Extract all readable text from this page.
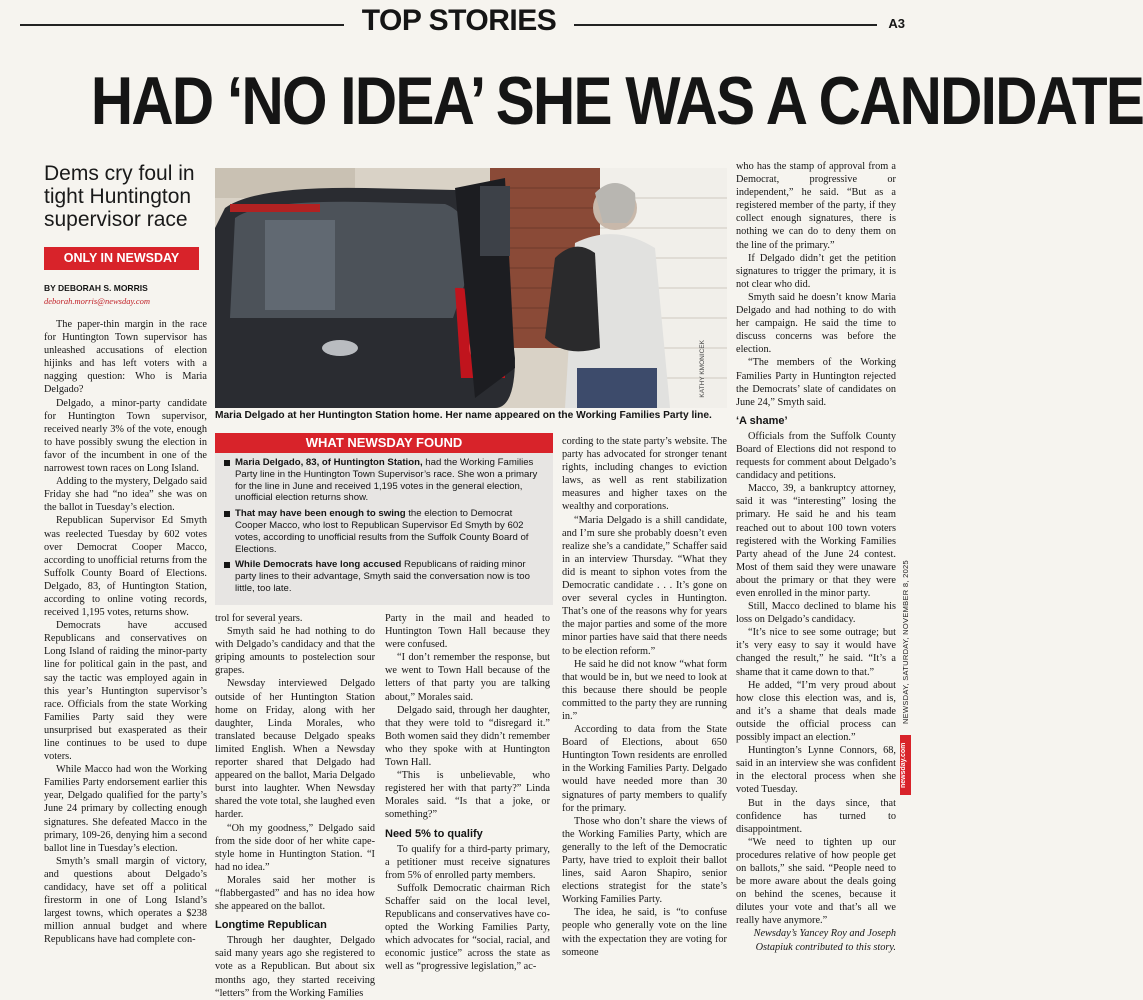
TOP STORIES	A3
HAD ‘NO IDEA’ SHE WAS A CANDIDATE
Dems cry foul in tight Huntington supervisor race
ONLY IN NEWSDAY
BY DEBORAH S. MORRIS
deborah.morris@newsday.com
KATHY KMONICEK
Maria Delgado at her Huntington Station home. Her name appeared on the Working Families Party line.
WHAT NEWSDAY FOUND
Maria Delgado, 83, of Huntington Station, had the Working Families Party line in the Huntington Town Supervisor’s race. She won a primary for the line in June and received 1,195 votes in the general election, unofficial election returns show.
That may have been enough to swing the election to Democrat Cooper Macco, who lost to Republican Supervisor Ed Smyth by 602 votes, according to unofficial results from the Suffolk County Board of Elections.
While Democrats have long accused Republicans of raiding minor party lines to their advantage, Smyth said the conversation now is too little, too late.

The paper-thin margin in the race for Huntington Town supervisor has unleashed accusations of election hijinks and has left voters with a nagging question: Who is Maria Delgado?

Delgado, a minor-party candidate for Huntington Town supervisor, received nearly 3% of the vote, enough to have possibly swung the election in favor of the incumbent in one of the narrowest town races on Long Island.

Adding to the mystery, Delgado said Friday she had “no idea” she was on the ballot in Tuesday’s election.

Republican Supervisor Ed Smyth was reelected Tuesday by 602 votes over Democrat Cooper Macco, according to unofficial returns from the Suffolk County Board of Elections. Delgado, 83, of Huntington Station, according to online voting records, received 1,195 votes, returns show.

Democrats have accused Republicans and conservatives on Long Island of raiding the minor-party line for political gain in the past, and say the tactic was employed again in this year’s Huntington supervisor’s race. Officials from the state Working Families Party said they were unsurprised but exasperated as their line continues to be used to dupe voters.

While Macco had won the Working Families Party endorsement earlier this year, Delgado qualified for the party’s June 24 primary by collecting enough signatures. She defeated Macco in the primary, 109-26, denying him a second ballot line in Tuesday’s election.

Smyth’s small margin of victory, and questions about Delgado’s candidacy, have set off a political firestorm in one of Long Island’s largest towns, which operates a $238 million annual budget and where Republicans have had complete con-

trol for several years.

Smyth said he had nothing to do with Delgado’s candidacy and that the griping amounts to postelection sour grapes.

Newsday interviewed Delgado outside of her Huntington Station home on Friday, along with her daughter, Linda Morales, who translated because Delgado speaks limited English. When a Newsday reporter shared that Delgado had appeared on the ballot, Maria Delgado burst into laughter. When Newsday shared the vote total, she laughed even harder.

“Oh my goodness,” Delgado said from the side door of her white cape-style home in Huntington Station. “I had no idea.”

Morales said her mother is “flabbergasted” and has no idea how she appeared on the ballot.

Longtime Republican

Through her daughter, Delgado said many years ago she registered to vote as a Republican. But about six months ago, they started receiving “letters” from the Working Families

Party in the mail and headed to Huntington Town Hall because they were confused.

“I don’t remember the response, but we went to Town Hall because of the letters of that party you are talking about,” Morales said.

Delgado said, through her daughter, that they were told to “disregard it.” Both women said they didn’t remember who they spoke with at Huntington Town Hall.

“This is unbelievable, who registered her with that party?” Linda Morales said. “Is that a joke, or something?”

Need 5% to qualify

To qualify for a third-party primary, a petitioner must receive signatures from 5% of enrolled party members.

Suffolk Democratic chairman Rich Schaffer said on the local level, Republicans and conservatives have co-opted the Working Families Party, which advocates for “social, racial, and economic justice” across the state as well as “progressive legislation,” ac-

cording to the state party’s website. The party has advocated for stronger tenant rights, including changes to eviction laws, as well as rent stabilization measures and higher taxes on the wealthy and corporations.

“Maria Delgado is a shill candidate, and I’m sure she probably doesn’t even realize she’s a candidate,” Schaffer said in an interview Thursday. “What they did is meant to siphon votes from the Democratic candidate . . . It’s gone on over several cycles in Huntington. That’s one of the reasons why for years the major parties and some of the more minor parties have said that there needs to be election reform.”

He said he did not know “what form that would be in, but we need to look at this because there should be people committed to the party they are running in.”

According to data from the State Board of Elections, about 650 Huntington Town residents are enrolled in the Working Families Party. Delgado would have needed more than 30 signatures of party members to qualify for the primary.

Those who don’t share the views of the Working Families Party, which are generally to the left of the Democratic Party, have tried to exploit their ballot lines, said Aaron Shapiro, senior elections strategist for the state’s Working Families Party.

The idea, he said, is “to confuse people who generally vote on the line with the expectation they are voting for someone

who has the stamp of approval from a Democrat, progressive or independent,” he said. “But as a registered member of the party, if they collect enough signatures, there is nothing we can do to deny them on the line of the primary.”

If Delgado didn’t get the petition signatures to trigger the primary, it is not clear who did.

Smyth said he doesn’t know Maria Delgado and had nothing to do with her campaign. He said the time to discuss concerns was before the election.

“The members of the Working Families Party in Huntington rejected the Democrats’ slate of candidates on June 24,” Smyth said.

‘A shame’

Officials from the Suffolk County Board of Elections did not respond to requests for comment about Delgado’s candidacy and petitions.

Macco, 39, a bankruptcy attorney, said it was “interesting” losing the primary. He said he and his team reached out to about 100 town voters registered with the Working Families Party ahead of the June 24 contest. Most of them said they were unaware about the primary or that they were even enrolled in the minor party.

Still, Macco declined to blame his loss on Delgado’s candidacy.

“It’s nice to see some outrage; but it’s very easy to say it would have changed the result,” he said. “It’s a shame that it came down to that.”

He added, “I’m very proud about how close this election was, and is, and it’s a shame that deals made outside the official process can possibly impact an election.”

Huntington’s Lynne Connors, 68, said in an interview she was confident in the electoral process when she voted Tuesday.

But in the days since, that confidence has turned to disappointment.

“We need to tighten up our procedures relative of how people get on ballots,” she said. “People need to be more aware about the deals going on behind the scenes, because it dilutes your vote and that’s all we really have anymore.”

Newsday’s Yancey Roy and Joseph Ostapiuk contributed to this story.

NEWSDAY, SATURDAY, NOVEMBER 8, 2025
newsday.com
